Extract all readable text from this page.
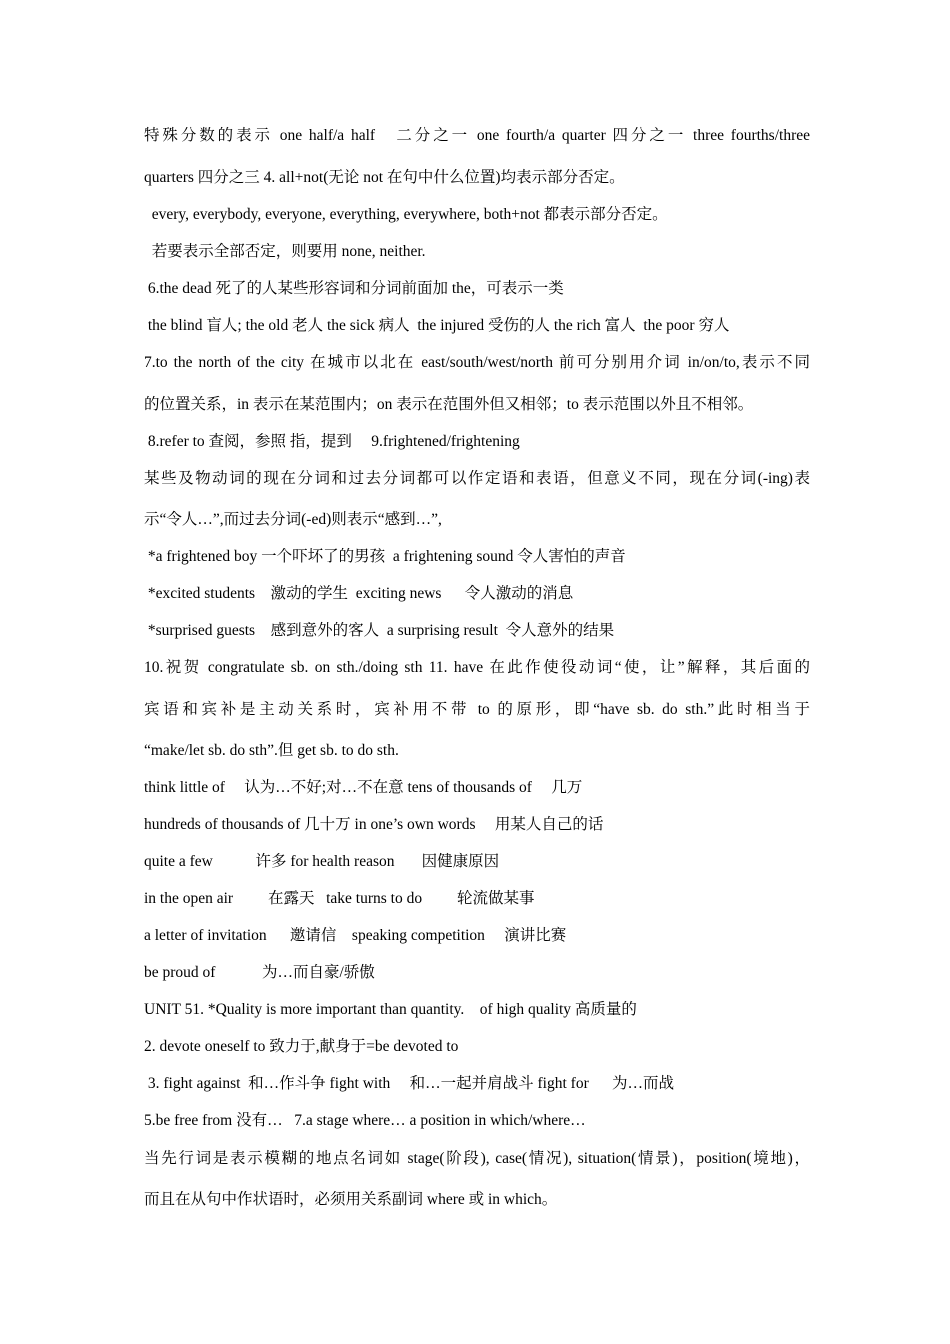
特殊分数的表示 one half/a half　二分之一 one fourth/a quarter 四分之一 three fourths/three
quarters 四分之三 4. all+not(无论 not 在句中什么位置)均表示部分否定。
every, everybody, everyone, everything, everywhere, both+not 都表示部分否定。
若要表示全部否定，则要用 none, neither.
6.the dead 死了的人某些形容词和分词前面加 the，可表示一类
the blind 盲人; the old 老人 the sick 病人  the injured 受伤的人 the rich 富人  the poor 穷人
7.to the north of the city 在城市以北在 east/south/west/north 前可分别用介词 in/on/to,表示不同
的位置关系，in 表示在某范围内；on 表示在范围外但又相邻；to 表示范围以外且不相邻。
8.refer to 查阅，参照 指，提到     9.frightened/frightening
某些及物动词的现在分词和过去分词都可以作定语和表语，但意义不同，现在分词(-ing)表
示“令人…”,而过去分词(-ed)则表示“感到…”,
*a frightened boy 一个吓坏了的男孩  a frightening sound 令人害怕的声音
*excited students    激动的学生  exciting news      令人激动的消息
*surprised guests    感到意外的客人  a surprising result  令人意外的结果
10.祝贺 congratulate sb. on sth./doing sth 11. have 在此作使役动词“使，让”解释，其后面的
宾语和宾补是主动关系时，宾补用不带 to 的原形，即“have sb. do sth.”此时相当于
“make/let sb. do sth”.但 get sb. to do sth.
think little of     认为…不好;对…不在意 tens of thousands of     几万
hundreds of thousands of 几十万 in one’s own words     用某人自己的话
quite a few           许多 for health reason       因健康原因
in the open air         在露天   take turns to do         轮流做某事
a letter of invitation      邀请信    speaking competition     演讲比赛
be proud of            为…而自豪/骄傲
UNIT 51. *Quality is more important than quantity.    of high quality 高质量的
2. devote oneself to 致力于,献身于=be devoted to
3. fight against  和…作斗争 fight with     和…一起并肩战斗 fight for      为…而战
5.be free from 没有…   7.a stage where… a position in which/where…
当先行词是表示模糊的地点名词如 stage(阶段), case(情况), situation(情景)，position(境地)，
而且在从句中作状语时，必须用关系副词 where 或 in which。
